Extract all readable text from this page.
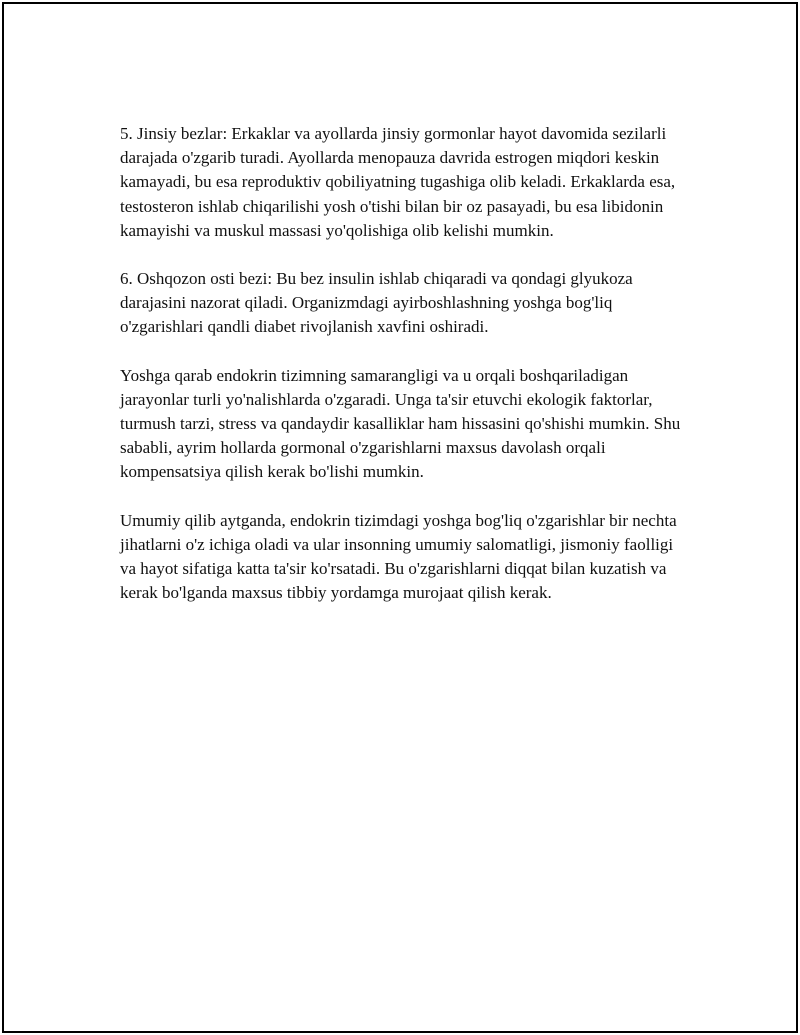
5. Jinsiy bezlar: Erkaklar va ayollarda jinsiy gormonlar hayot davomida sezilarli darajada o'zgarib turadi. Ayollarda menopauza davrida estrogen miqdori keskin kamayadi, bu esa reproduktiv qobiliyatning tugashiga olib keladi. Erkaklarda esa, testosteron ishlab chiqarilishi yosh o'tishi bilan bir oz pasayadi, bu esa libidonin kamayishi va muskul massasi yo'qolishiga olib kelishi mumkin.

6. Oshqozon osti bezi: Bu bez insulin ishlab chiqaradi va qondagi glyukoza darajasini nazorat qiladi. Organizmdagi ayirboshlashning yoshga bog'liq o'zgarishlari qandli diabet rivojlanish xavfini oshiradi.

Yoshga qarab endokrin tizimning samarangligi va u orqali boshqariladigan jarayonlar turli yo'nalishlarda o'zgaradi. Unga ta'sir etuvchi ekologik faktorlar, turmush tarzi, stress va qandaydir kasalliklar ham hissasini qo'shishi mumkin. Shu sababli, ayrim hollarda gormonal o'zgarishlarni maxsus davolash orqali kompensatsiya qilish kerak bo'lishi mumkin.

Umumiy qilib aytganda, endokrin tizimdagi yoshga bog'liq o'zgarishlar bir nechta jihatlarni o'z ichiga oladi va ular insonning umumiy salomatligi, jismoniy faolligi va hayot sifatiga katta ta'sir ko'rsatadi. Bu o'zgarishlarni diqqat bilan kuzatish va kerak bo'lganda maxsus tibbiy yordamga murojaat qilish kerak.
